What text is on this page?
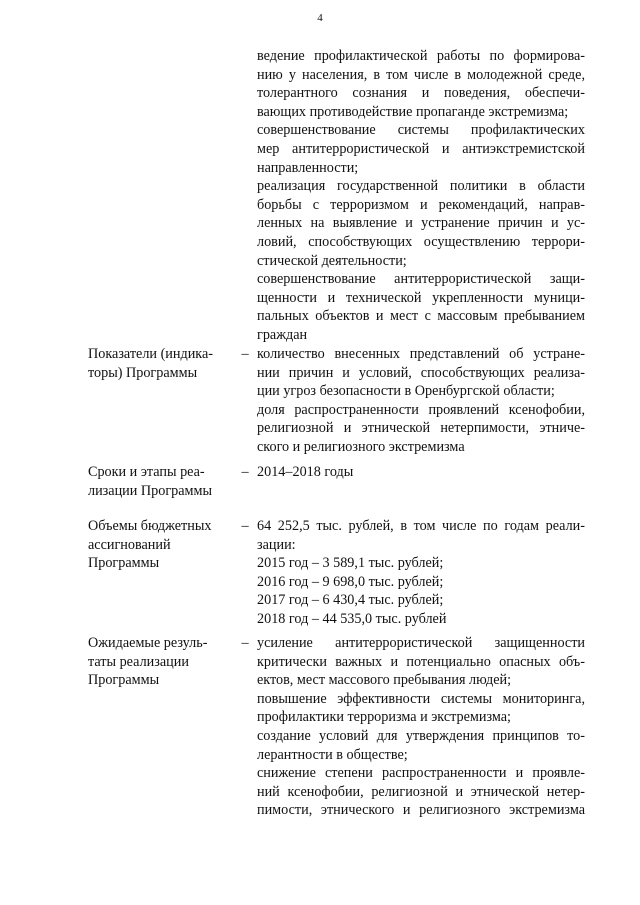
4
ведение профилактической работы по формирова-
нию у населения, в том числе в молодежной среде,
толерантного сознания и поведения, обеспечи-
вающих противодействие пропаганде экстремизма;
совершенствование системы профилактических
мер антитеррористической и антиэкстремистской
направленности;
реализация государственной политики в области
борьбы с терроризмом и рекомендаций, направ-
ленных на выявление и устранение причин и ус-
ловий, способствующих осуществлению террори-
стической деятельности;
совершенствование антитеррористической защи-
щенности и технической укрепленности муници-
пальных объектов и мест с массовым пребыванием
граждан
Показатели (индика-
торы) Программы
– количество внесенных представлений об устране-
нии причин и условий, способствующих реализа-
ции угроз безопасности в Оренбургской области;
доля распространенности проявлений ксенофобии,
религиозной и этнической нетерпимости, этниче-
ского и религиозного экстремизма
Сроки и этапы реа-
лизации Программы
– 2014–2018 годы
Объемы бюджетных
ассигнований
Программы
– 64 252,5 тыс. рублей, в том числе по годам реали-
зации:
2015 год – 3 589,1 тыс. рублей;
2016 год – 9 698,0 тыс. рублей;
2017 год – 6 430,4 тыс. рублей;
2018 год – 44 535,0 тыс. рублей
Ожидаемые резуль-
таты реализации
Программы
– усиление антитеррористической защищенности
критически важных и потенциально опасных объ-
ектов, мест массового пребывания людей;
повышение эффективности системы мониторинга,
профилактики терроризма и экстремизма;
создание условий для утверждения принципов то-
лерантности в обществе;
снижение степени распространенности и проявле-
ний ксенофобии, религиозной и этнической нетер-
пимости, этнического и религиозного экстремизма
